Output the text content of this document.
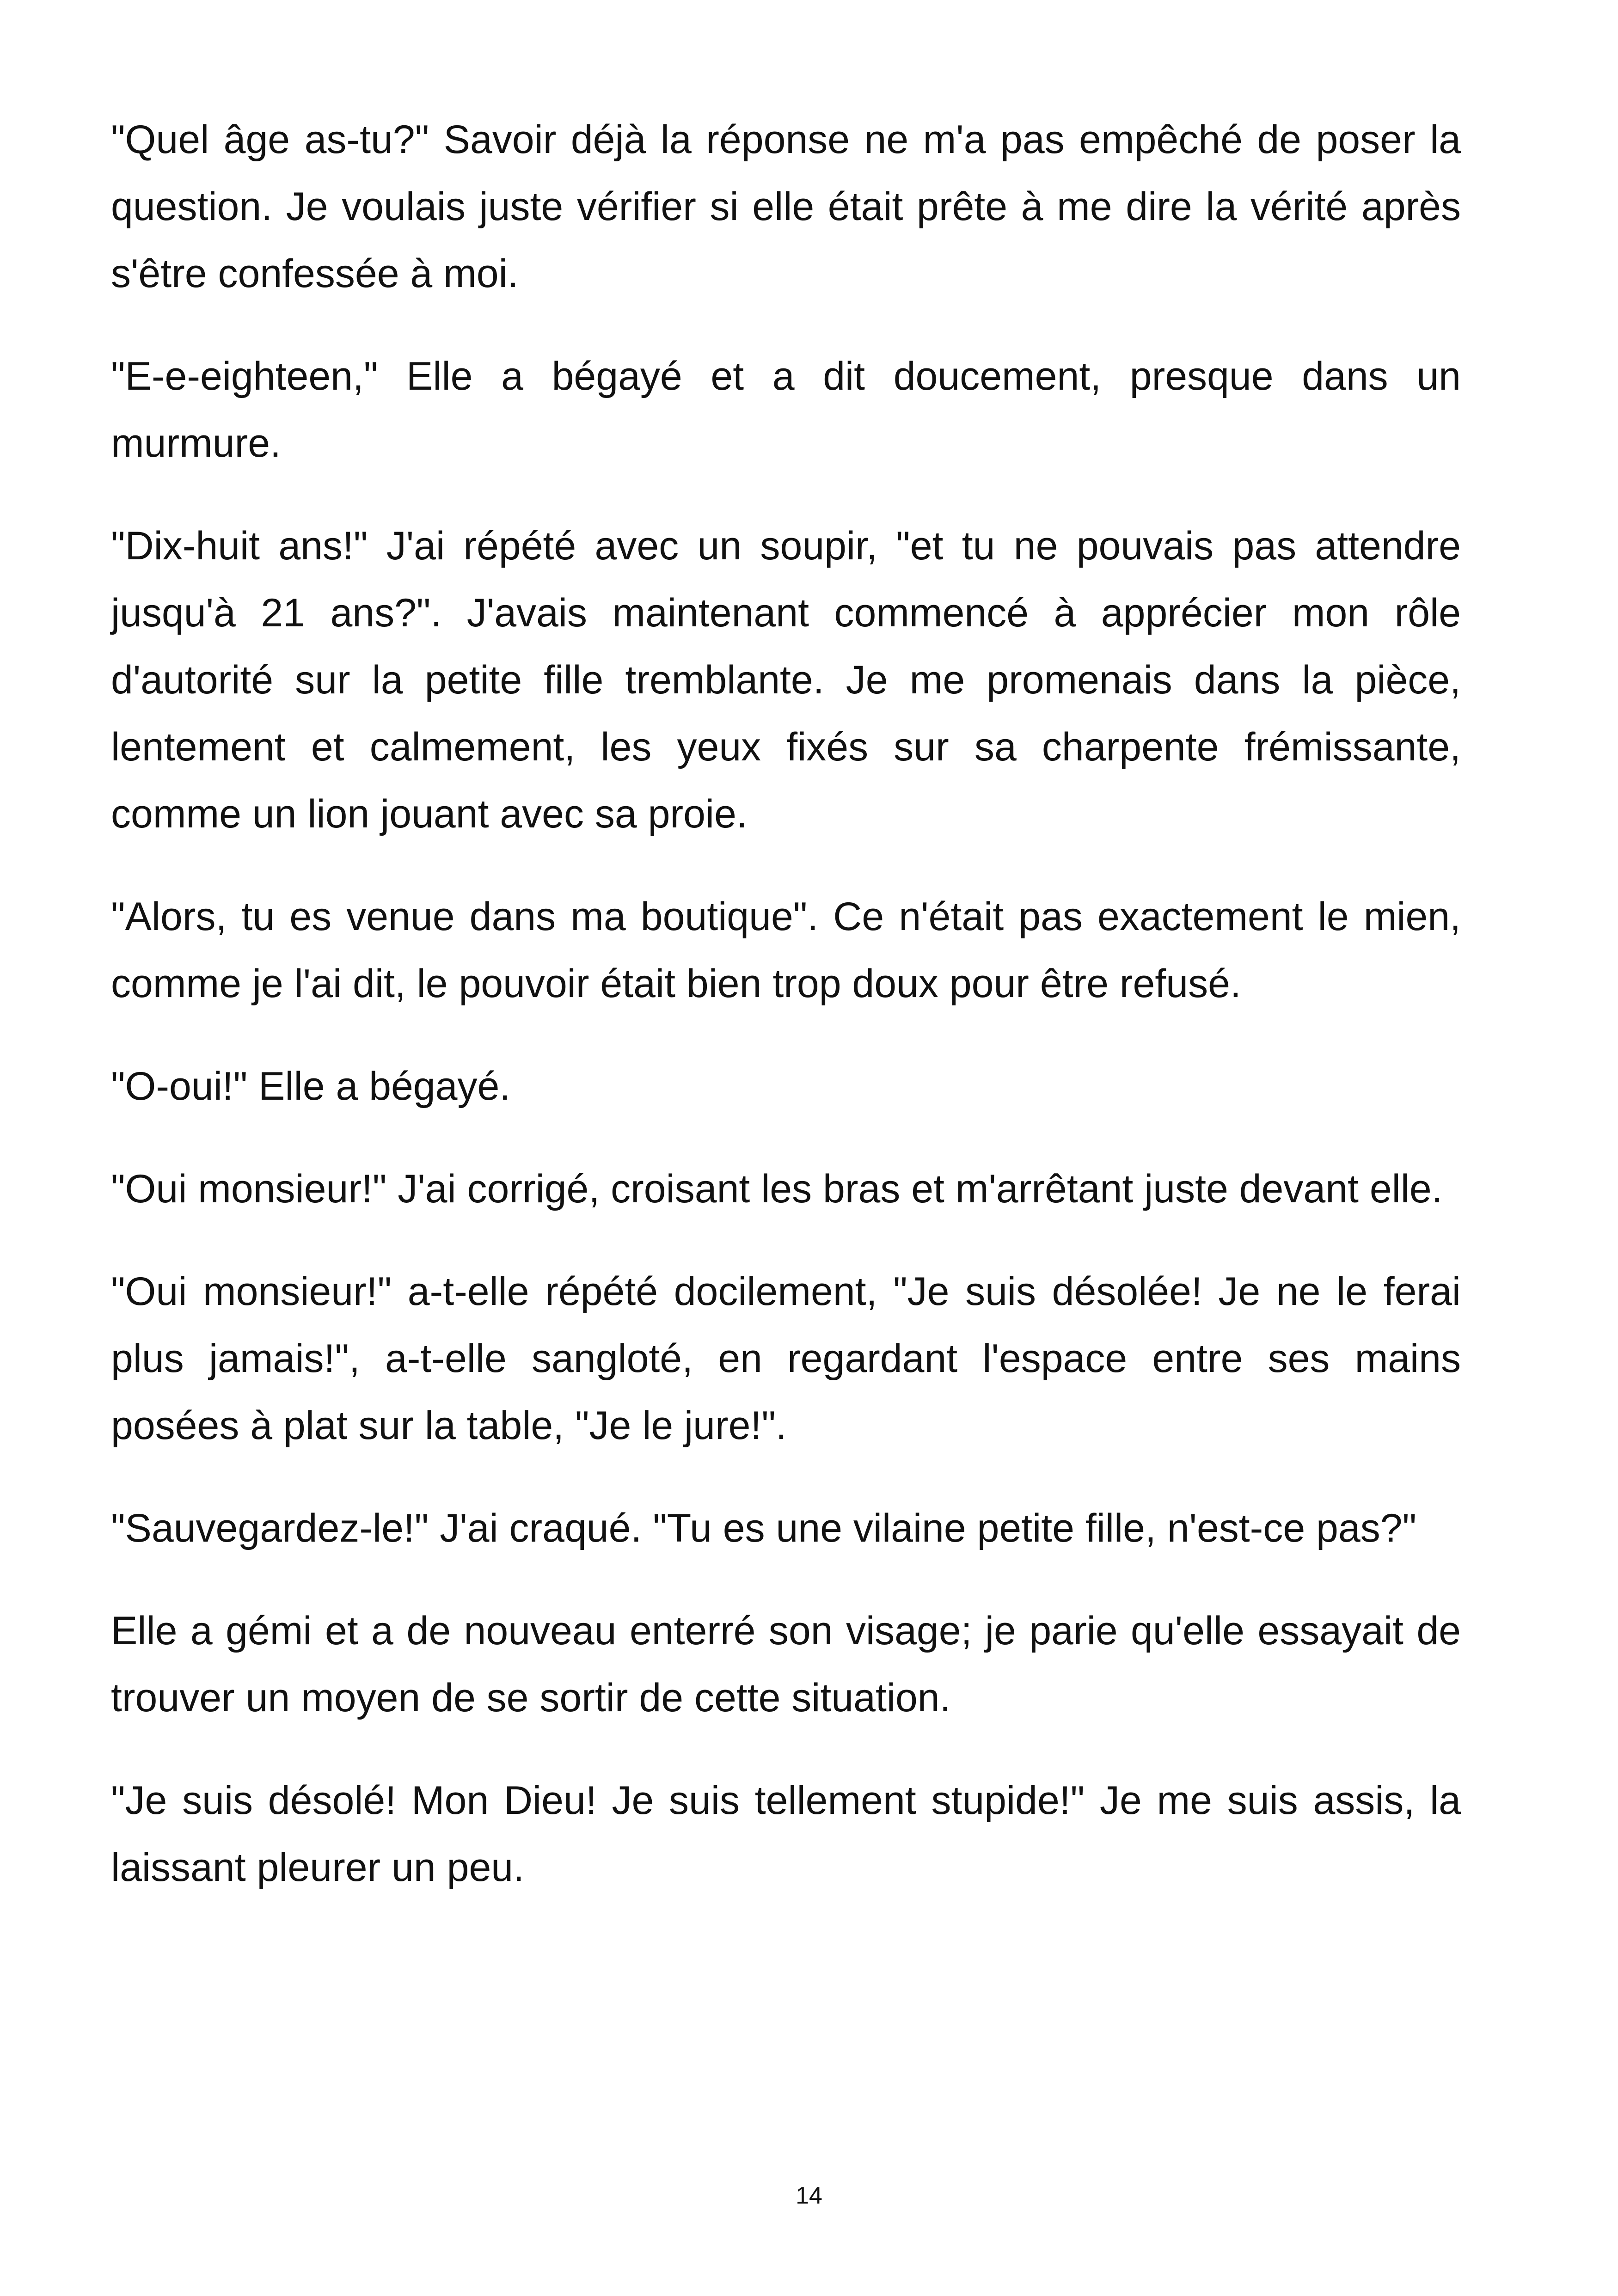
"Quel âge as-tu?" Savoir déjà la réponse ne m'a pas empêché de poser la question. Je voulais juste vérifier si elle était prête à me dire la vérité après s'être confessée à moi.

"E-e-eighteen," Elle a bégayé et a dit doucement, presque dans un murmure.

"Dix-huit ans!" J'ai répété avec un soupir, "et tu ne pouvais pas attendre jusqu'à 21 ans?". J'avais maintenant commencé à apprécier mon rôle d'autorité sur la petite fille tremblante. Je me promenais dans la pièce, lentement et calmement, les yeux fixés sur sa charpente frémissante, comme un lion jouant avec sa proie.

"Alors, tu es venue dans ma boutique". Ce n'était pas exactement le mien, comme je l'ai dit, le pouvoir était bien trop doux pour être refusé.

"O-oui!" Elle a bégayé.

"Oui monsieur!" J'ai corrigé, croisant les bras et m'arrêtant juste devant elle.

"Oui monsieur!" a-t-elle répété docilement, "Je suis désolée! Je ne le ferai plus jamais!", a-t-elle sangloté, en regardant l'espace entre ses mains posées à plat sur la table, "Je le jure!".

"Sauvegardez-le!" J'ai craqué. "Tu es une vilaine petite fille, n'est-ce pas?"

Elle a gémi et a de nouveau enterré son visage; je parie qu'elle essayait de trouver un moyen de se sortir de cette situation.

"Je suis désolé! Mon Dieu! Je suis tellement stupide!" Je me suis assis, la laissant pleurer un peu.

14
